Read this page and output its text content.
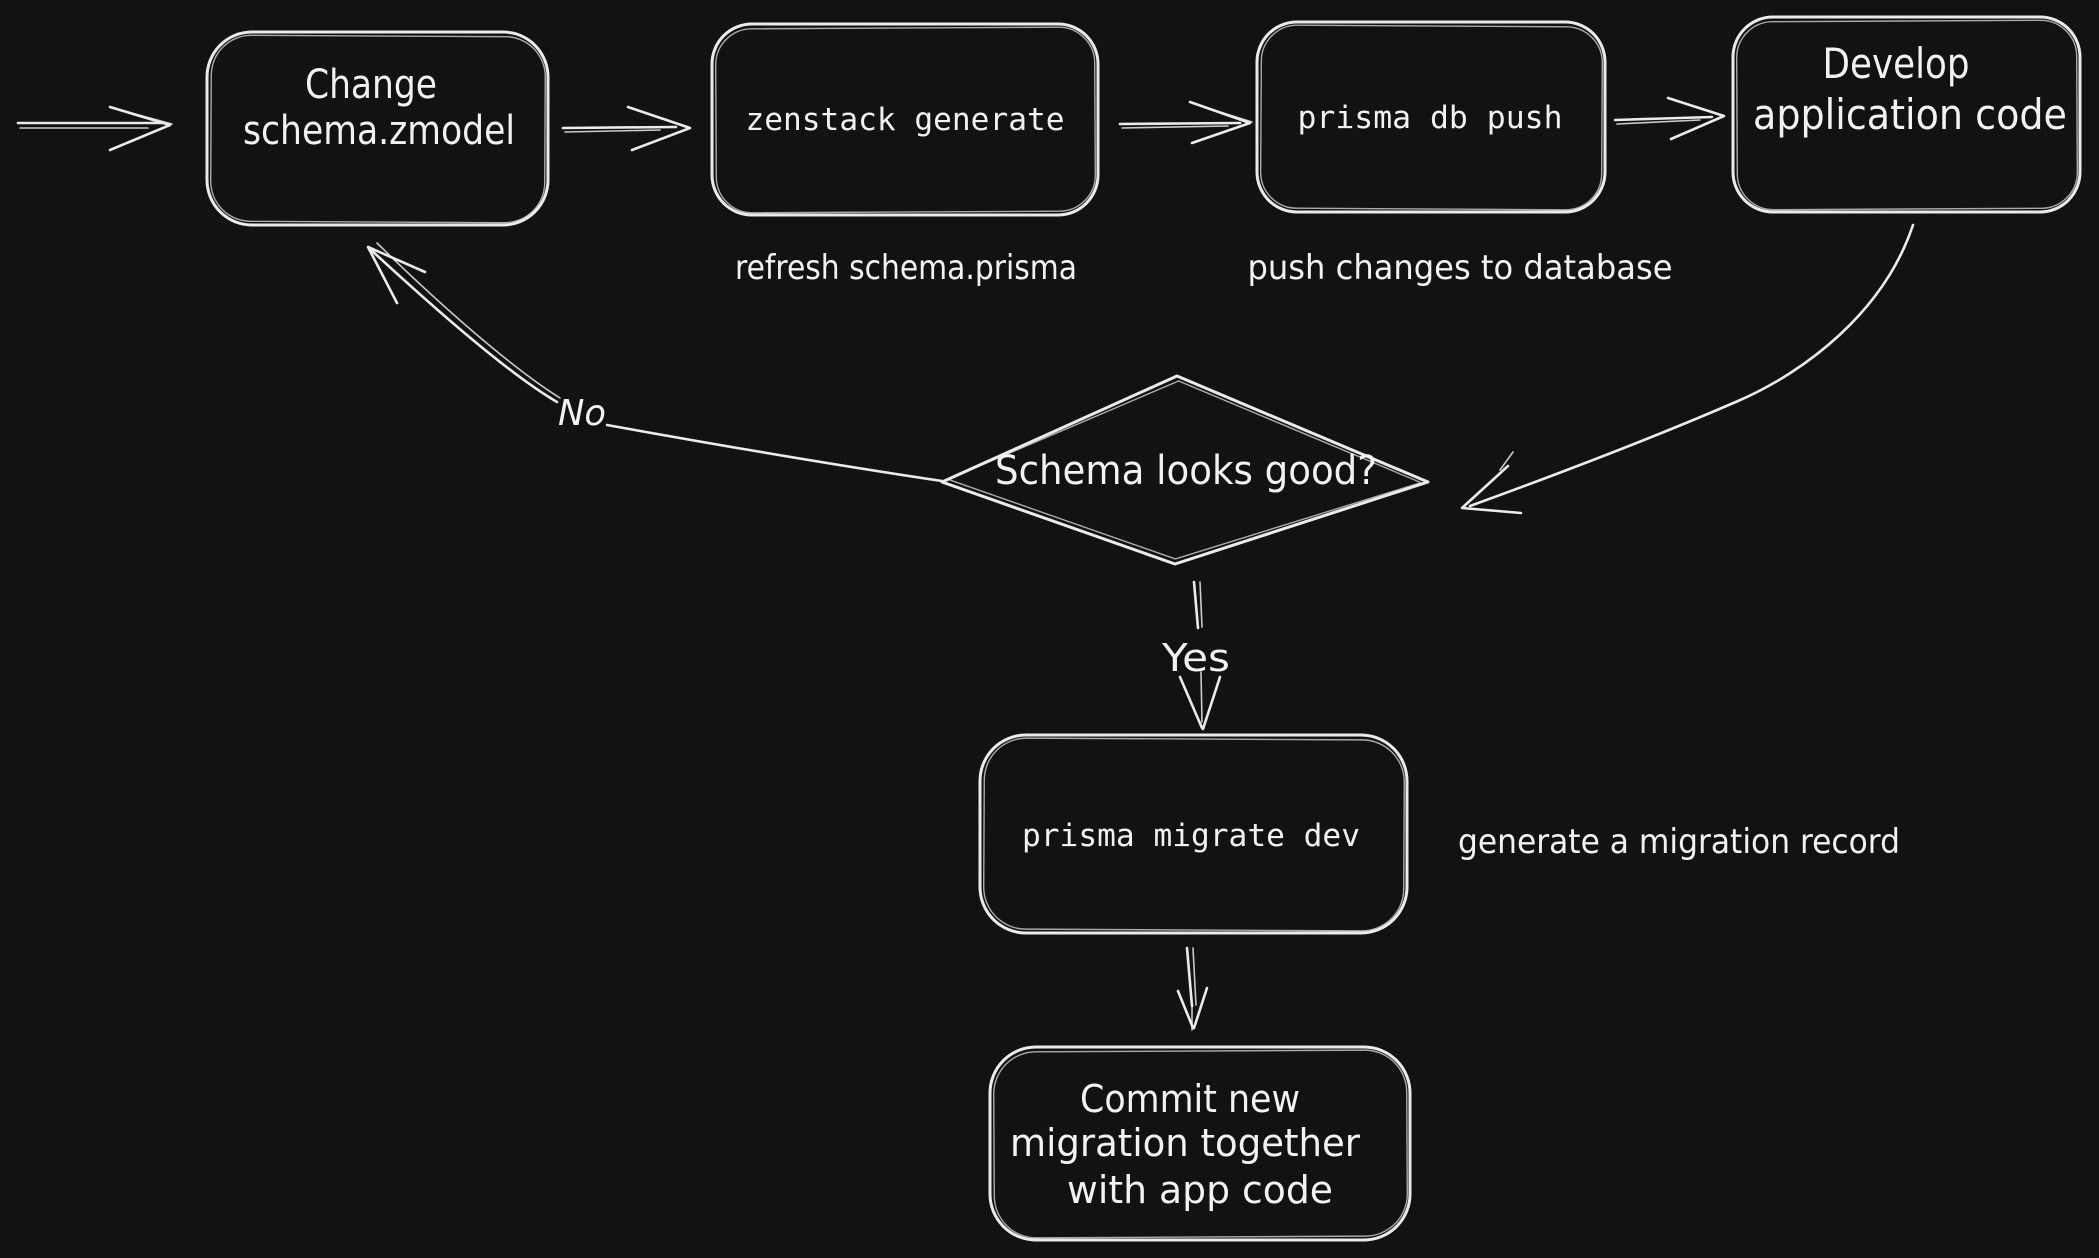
Change
schema.zmodel	zenstack generate	prisma db push
Develop
application code
Schema looks good?
prisma migrate dev
Commit new
migration together
with app code
refresh schema.prisma	push changes to database
generate a migration record
No
Yes
